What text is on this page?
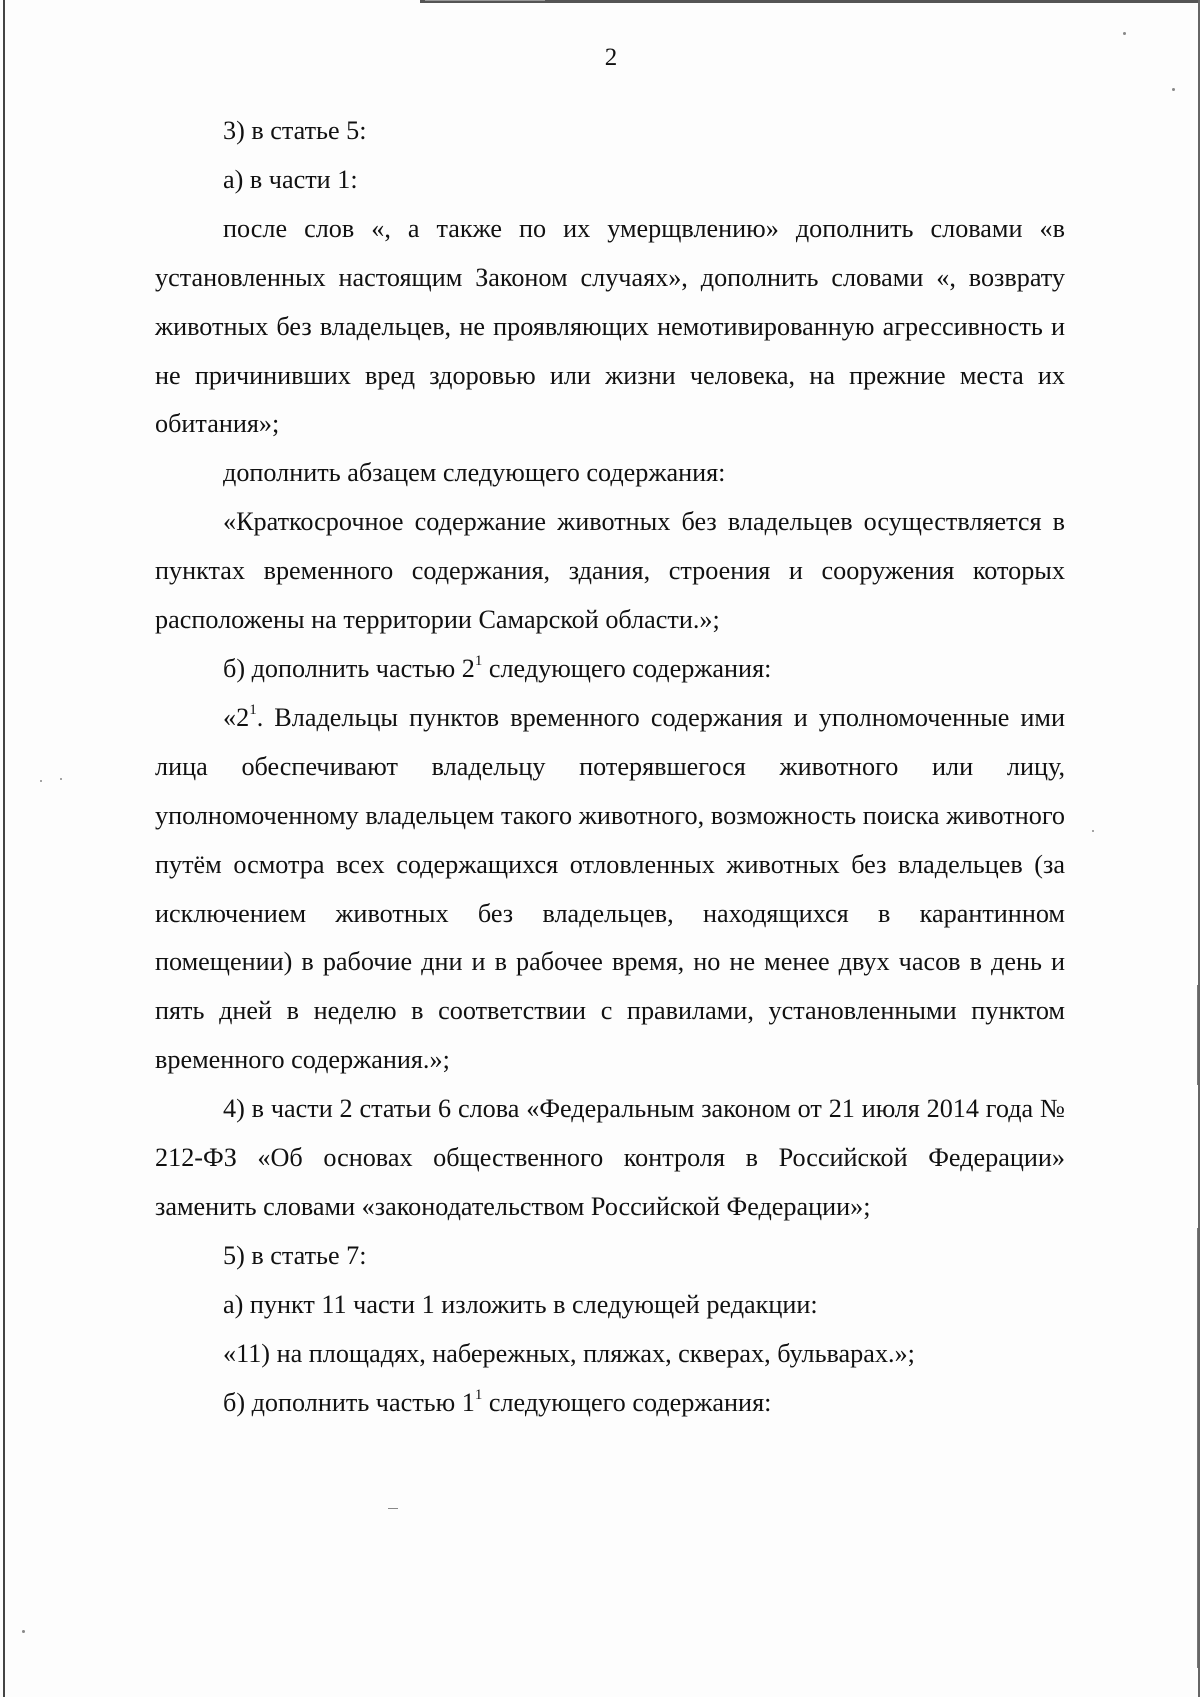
2

3) в статье 5:

а) в части 1:

после слов «, а также по их умерщвлению» дополнить словами «в установленных настоящим Законом случаях», дополнить словами «, возврату животных без владельцев, не проявляющих немотивированную агрессивность и не причинивших вред здоровью или жизни человека, на прежние места их обитания»;

дополнить абзацем следующего содержания:

«Краткосрочное содержание животных без владельцев осуществляется в пунктах временного содержания, здания, строения и сооружения которых расположены на территории Самарской области.»;

б) дополнить частью $2^1$ следующего содержания:

«$2^1$. Владельцы пунктов временного содержания и уполномоченные ими лица обеспечивают владельцу потерявшегося животного или лицу, уполномоченному владельцем такого животного, возможность поиска животного путём осмотра всех содержащихся отловленных животных без владельцев (за исключением животных без владельцев, находящихся в карантинном помещении) в рабочие дни и в рабочее время, но не менее двух часов в день и пять дней в неделю в соответствии с правилами, установленными пунктом временного содержания.»;

4) в части 2 статьи 6 слова «Федеральным законом от 21 июля 2014 года № 212-ФЗ «Об основах общественного контроля в Российской Федерации» заменить словами «законодательством Российской Федерации»;

5) в статье 7:

а) пункт 11 части 1 изложить в следующей редакции:

«11) на площадях, набережных, пляжах, скверах, бульварах.»;

б) дополнить частью $1^1$ следующего содержания:
